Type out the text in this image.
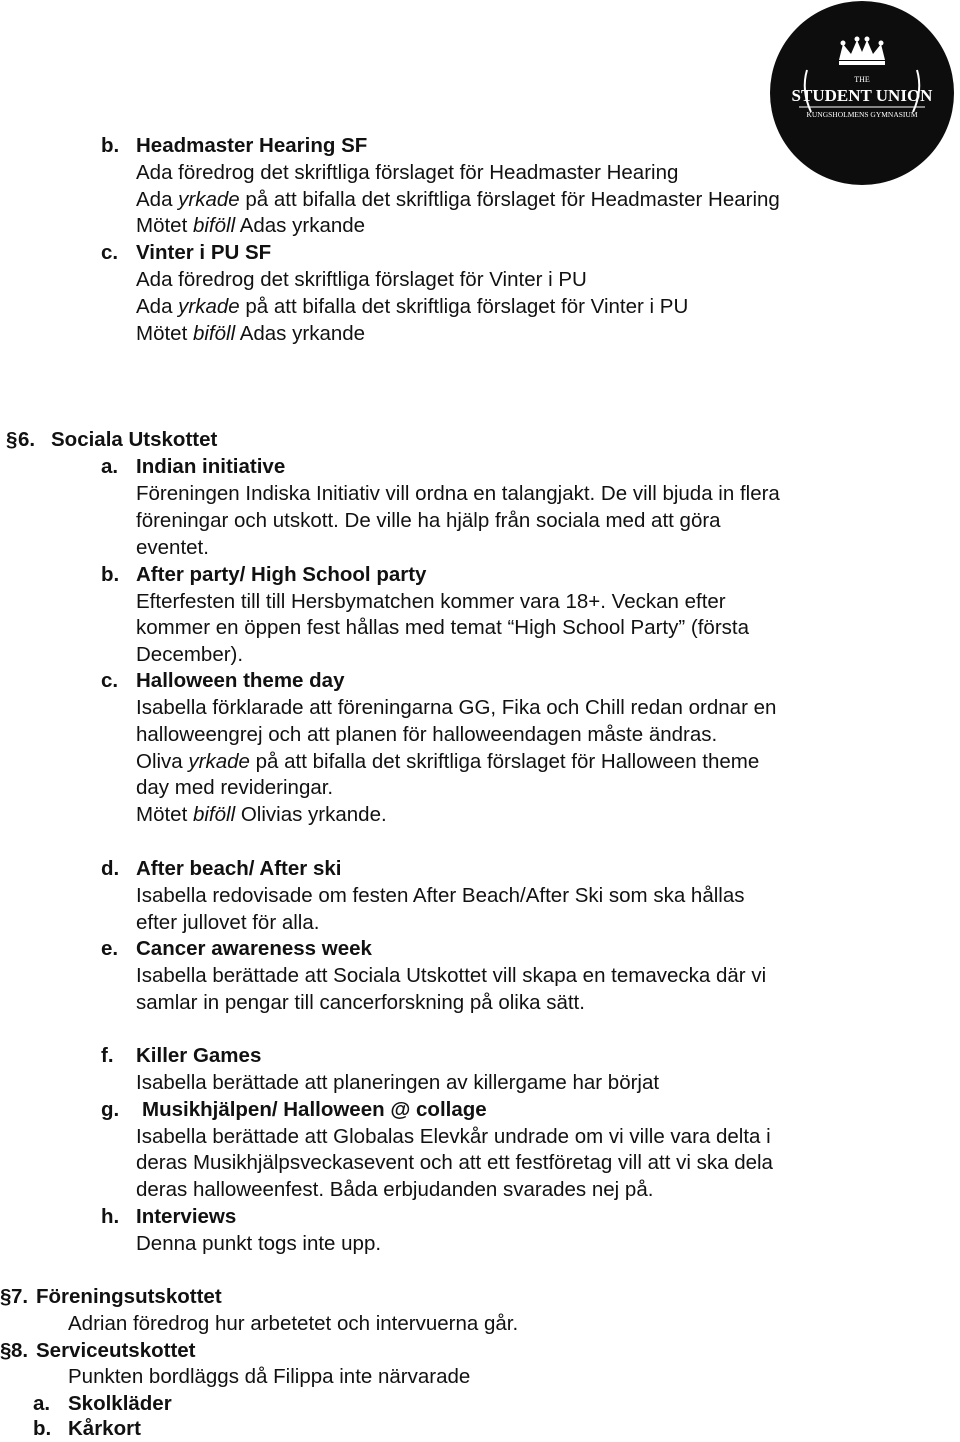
THE
STUDENT UNION
KUNGSHOLMENS GYMNASIUM
b. Headmaster Hearing SF
Ada föredrog det skriftliga förslaget för Headmaster Hearing
Ada yrkade på att bifalla det skriftliga förslaget för Headmaster Hearing
Mötet biföll Adas yrkande
c. Vinter i PU SF
Ada föredrog det skriftliga förslaget för Vinter i PU
Ada yrkade på att bifalla det skriftliga förslaget för Vinter i PU
Mötet biföll Adas yrkande
§ 6. Sociala Utskottet
a. Indian initiative
Föreningen Indiska Initiativ vill ordna en talangjakt. De vill bjuda in flera
föreningar och utskott. De ville ha hjälp från sociala med att göra
eventet.
b. After party/ High School party
Efterfesten till till Hersbymatchen kommer vara 18+. Veckan efter
kommer en öppen fest hållas med temat “High School Party” (första
December).
c. Halloween theme day
Isabella förklarade att föreningarna GG, Fika och Chill redan ordnar en
halloweengrej och att planen för halloweendagen måste ändras.
Oliva yrkade på att bifalla det skriftliga förslaget för Halloween theme
day med revideringar.
Mötet biföll Olivias yrkande.
d. After beach/ After ski
Isabella redovisade om festen After Beach/After Ski som ska hållas
efter jullovet för alla.
e. Cancer awareness week
Isabella berättade att Sociala Utskottet vill skapa en temavecka där vi
samlar in pengar till cancerforskning på olika sätt.
f. Killer Games
Isabella berättade att planeringen av killergame har börjat
g. Musikhjälpen/ Halloween @ collage
Isabella berättade att Globalas Elevkår undrade om vi ville vara delta i
deras Musikhjälpsveckasevent och att ett festföretag vill att vi ska dela
deras halloweenfest. Båda erbjudanden svarades nej på.
h. Interviews
Denna punkt togs inte upp.
§ 7. Föreningsutskottet
Adrian föredrog hur arbetetet och intervuerna går.
§ 8. Serviceutskottet
Punkten bordläggs då Filippa inte närvarade
a. Skolkläder
b. Kårkort
